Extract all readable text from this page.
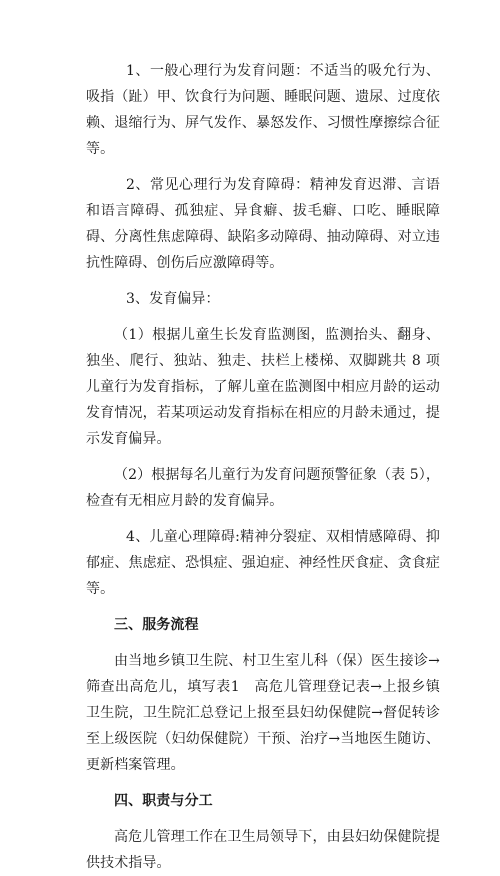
1、一般心理行为发育问题：不适当的吸允行为、吸指（趾）甲、饮食行为问题、睡眠问题、遗尿、过度依赖、退缩行为、屏气发作、暴怒发作、习惯性摩擦综合征等。

2、常见心理行为发育障碍：精神发育迟滞、言语和语言障碍、孤独症、异食癖、拔毛癖、口吃、睡眠障碍、分离性焦虑障碍、缺陷多动障碍、抽动障碍、对立违抗性障碍、创伤后应激障碍等。

3、发育偏异：

（1）根据儿童生长发育监测图，监测抬头、翻身、独坐、爬行、独站、独走、扶栏上楼梯、双脚跳共 8 项儿童行为发育指标，了解儿童在监测图中相应月龄的运动发育情况，若某项运动发育指标在相应的月龄未通过，提示发育偏异。

（2）根据每名儿童行为发育问题预警征象（表 5），检查有无相应月龄的发育偏异。

4、儿童心理障碍:精神分裂症、双相情感障碍、抑郁症、焦虑症、恐惧症、强迫症、神经性厌食症、贪食症等。

三、服务流程

由当地乡镇卫生院、村卫生室儿科（保）医生接诊→筛查出高危儿，填写表1　高危儿管理登记表→上报乡镇卫生院，卫生院汇总登记上报至县妇幼保健院→督促转诊至上级医院（妇幼保健院）干预、治疗→当地医生随访、更新档案管理。

四、职责与分工

高危儿管理工作在卫生局领导下，由县妇幼保健院提供技术指导。
